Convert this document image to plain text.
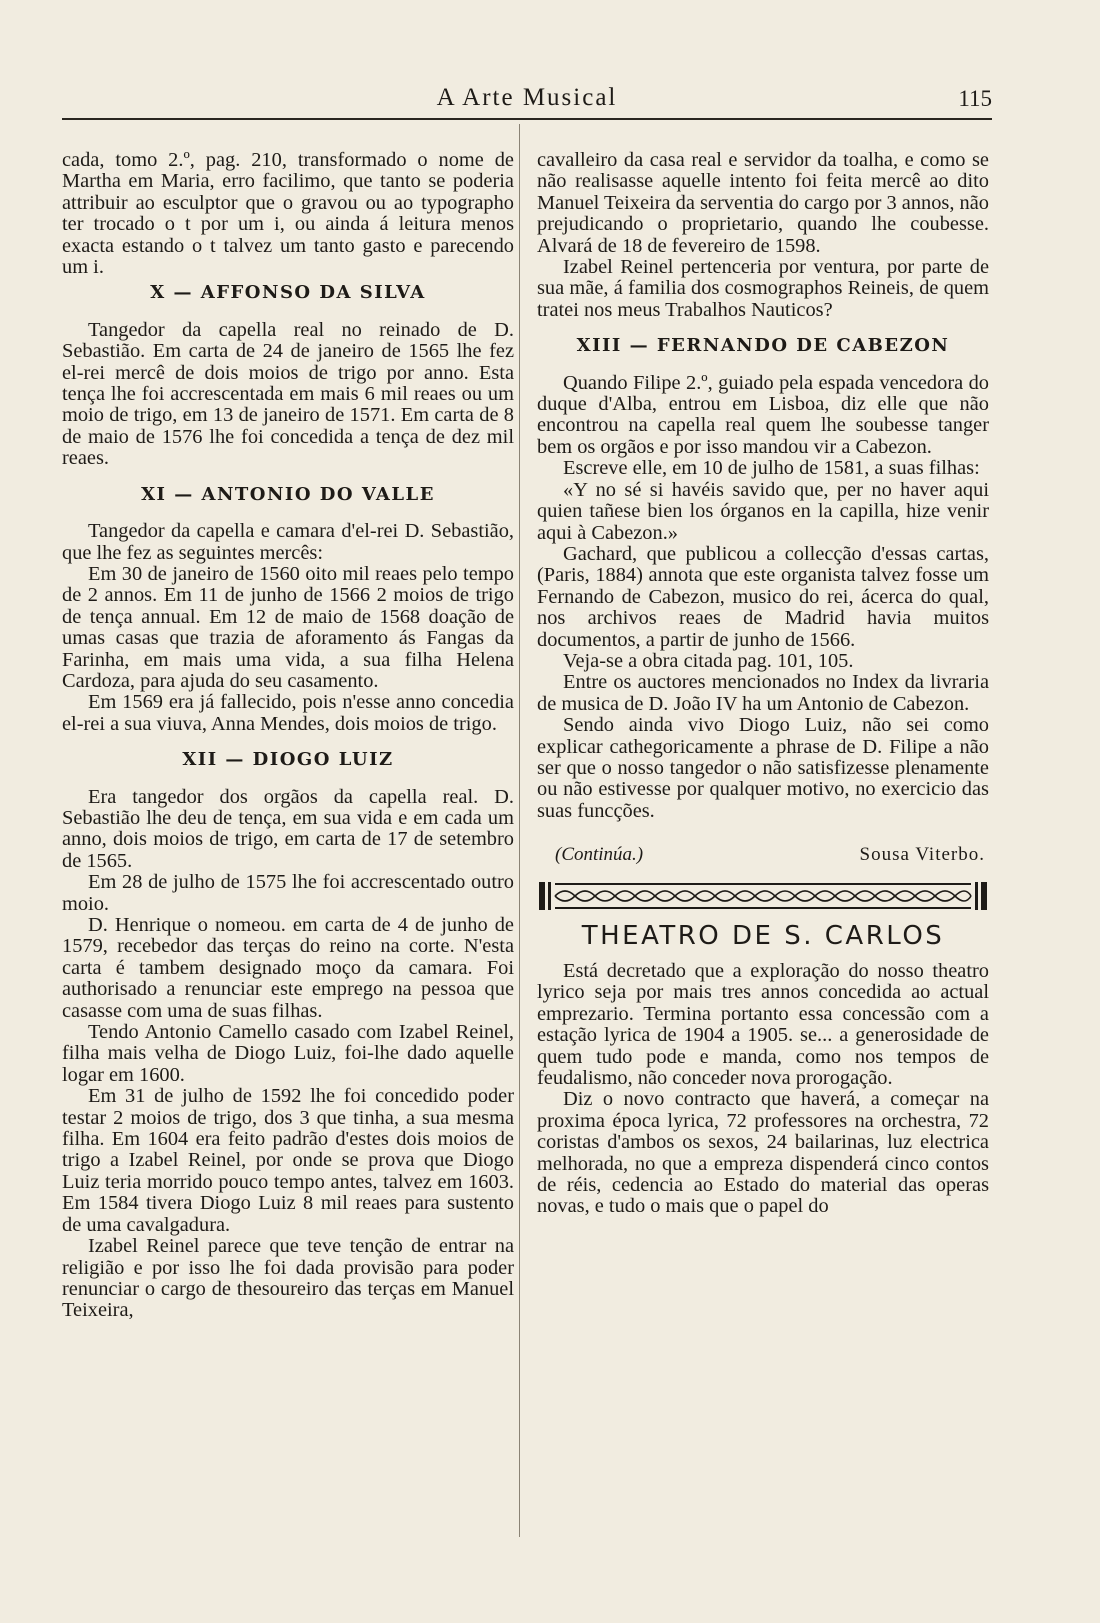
A Arte Musical	115

cada, tomo 2.º, pag. 210, transformado o nome de Martha em Maria, erro facilimo, que tanto se poderia attribuir ao esculptor que o gravou ou ao typographo ter trocado o t por um i, ou ainda á leitura menos exacta estando o t talvez um tanto gasto e parecendo um i.

X — AFFONSO DA SILVA

Tangedor da capella real no reinado de D. Sebastião. Em carta de 24 de janeiro de 1565 lhe fez el-rei mercê de dois moios de trigo por anno. Esta tença lhe foi accrescentada em mais 6 mil reaes ou um moio de trigo, em 13 de janeiro de 1571. Em carta de 8 de maio de 1576 lhe foi concedida a tença de dez mil reaes.

XI — ANTONIO DO VALLE

Tangedor da capella e camara d'el-rei D. Sebastião, que lhe fez as seguintes mercês:

Em 30 de janeiro de 1560 oito mil reaes pelo tempo de 2 annos. Em 11 de junho de 1566 2 moios de trigo de tença annual. Em 12 de maio de 1568 doação de umas casas que trazia de aforamento ás Fangas da Farinha, em mais uma vida, a sua filha Helena Cardoza, para ajuda do seu casamento.

Em 1569 era já fallecido, pois n'esse anno concedia el-rei a sua viuva, Anna Mendes, dois moios de trigo.

XII — DIOGO LUIZ

Era tangedor dos orgãos da capella real. D. Sebastião lhe deu de tença, em sua vida e em cada um anno, dois moios de trigo, em carta de 17 de setembro de 1565.

Em 28 de julho de 1575 lhe foi accrescentado outro moio.

D. Henrique o nomeou. em carta de 4 de junho de 1579, recebedor das terças do reino na corte. N'esta carta é tambem designado moço da camara. Foi authorisado a renunciar este emprego na pessoa que casasse com uma de suas filhas.

Tendo Antonio Camello casado com Izabel Reinel, filha mais velha de Diogo Luiz, foi-lhe dado aquelle logar em 1600.

Em 31 de julho de 1592 lhe foi concedido poder testar 2 moios de trigo, dos 3 que tinha, a sua mesma filha. Em 1604 era feito padrão d'estes dois moios de trigo a Izabel Reinel, por onde se prova que Diogo Luiz teria morrido pouco tempo antes, talvez em 1603. Em 1584 tivera Diogo Luiz 8 mil reaes para sustento de uma cavalgadura.

Izabel Reinel parece que teve tenção de entrar na religião e por isso lhe foi dada provisão para poder renunciar o cargo de thesoureiro das terças em Manuel Teixeira,

cavalleiro da casa real e servidor da toalha, e como se não realisasse aquelle intento foi feita mercê ao dito Manuel Teixeira da serventia do cargo por 3 annos, não prejudicando o proprietario, quando lhe coubesse. Alvará de 18 de fevereiro de 1598.

Izabel Reinel pertenceria por ventura, por parte de sua mãe, á familia dos cosmographos Reineis, de quem tratei nos meus Trabalhos Nauticos?

XIII — FERNANDO DE CABEZON

Quando Filipe 2.º, guiado pela espada vencedora do duque d'Alba, entrou em Lisboa, diz elle que não encontrou na capella real quem lhe soubesse tanger bem os orgãos e por isso mandou vir a Cabezon.

Escreve elle, em 10 de julho de 1581, a suas filhas:

«Y no sé si havéis savido que, per no haver aqui quien tañese bien los órganos en la capilla, hize venir aqui à Cabezon.»

Gachard, que publicou a collecção d'essas cartas, (Paris, 1884) annota que este organista talvez fosse um Fernando de Cabezon, musico do rei, ácerca do qual, nos archivos reaes de Madrid havia muitos documentos, a partir de junho de 1566.

Veja-se a obra citada pag. 101, 105.

Entre os auctores mencionados no Index da livraria de musica de D. João IV ha um Antonio de Cabezon.

Sendo ainda vivo Diogo Luiz, não sei como explicar cathegoricamente a phrase de D. Filipe a não ser que o nosso tangedor o não satisfizesse plenamente ou não estivesse por qualquer motivo, no exercicio das suas funcções.

(Continúa.)	Sousa Viterbo.
THEATRO DE S. CARLOS

Está decretado que a exploração do nosso theatro lyrico seja por mais tres annos concedida ao actual emprezario. Termina portanto essa concessão com a estação lyrica de 1904 a 1905. se... a generosidade de quem tudo pode e manda, como nos tempos de feudalismo, não conceder nova prorogação.

Diz o novo contracto que haverá, a começar na proxima época lyrica, 72 professores na orchestra, 72 coristas d'ambos os sexos, 24 bailarinas, luz electrica melhorada, no que a empreza dispenderá cinco contos de réis, cedencia ao Estado do material das operas novas, e tudo o mais que o papel do
